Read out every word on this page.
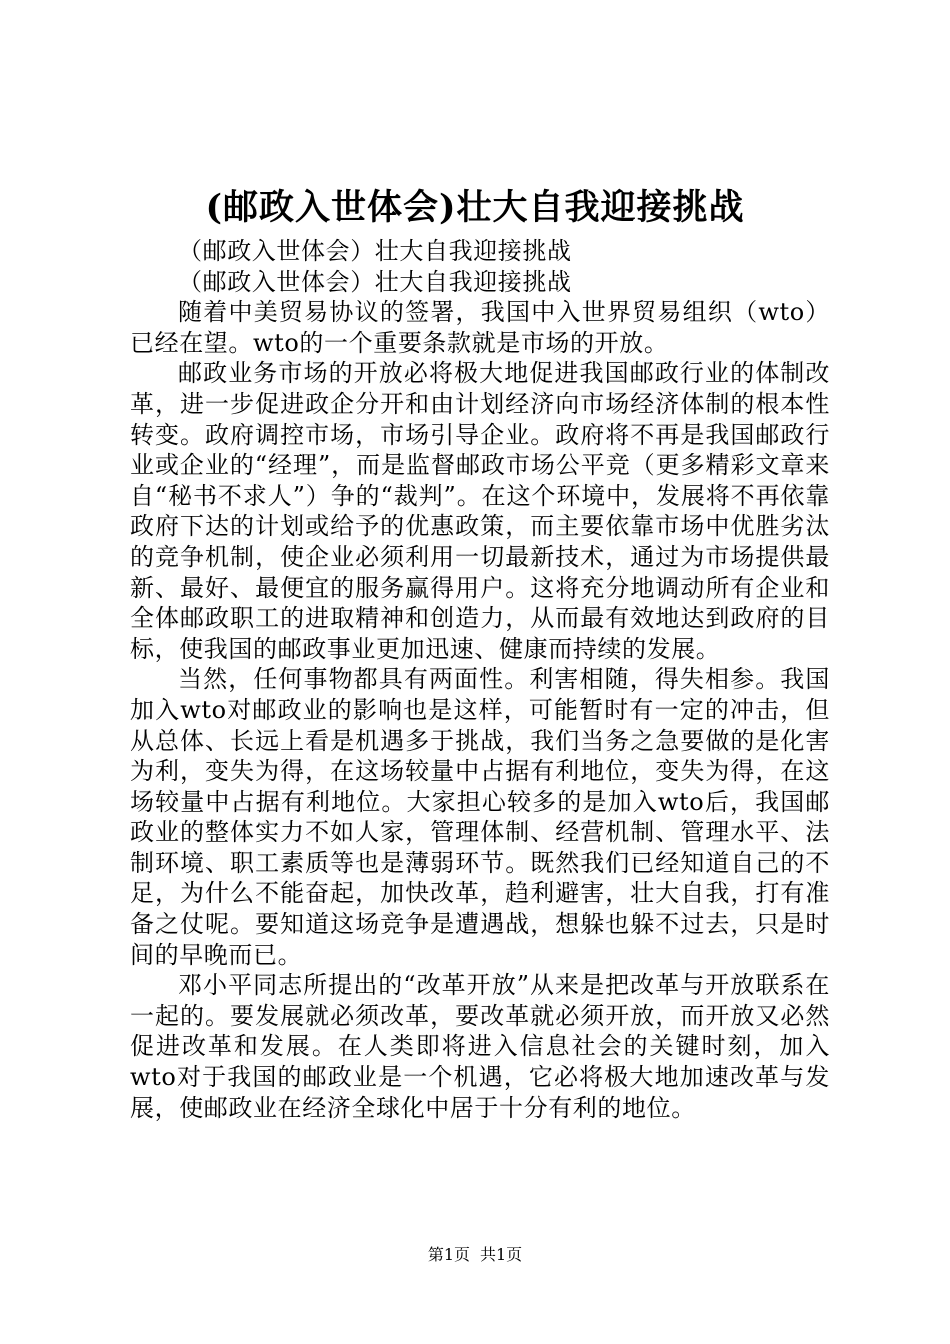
(邮政入世体会)壮大自我迎接挑战

（邮政入世体会）壮大自我迎接挑战

（邮政入世体会）壮大自我迎接挑战

随着中美贸易协议的签署，我国中入世界贸易组织（wto）已经在望。wto的一个重要条款就是市场的开放。

邮政业务市场的开放必将极大地促进我国邮政行业的体制改革，进一步促进政企分开和由计划经济向市场经济体制的根本性转变。政府调控市场，市场引导企业。政府将不再是我国邮政行业或企业的“经理”，而是监督邮政市场公平竞（更多精彩文章来自“秘书不求人”）争的“裁判”。在这个环境中，发展将不再依靠政府下达的计划或给予的优惠政策，而主要依靠市场中优胜劣汰的竞争机制，使企业必须利用一切最新技术，通过为市场提供最新、最好、最便宜的服务赢得用户。这将充分地调动所有企业和全体邮政职工的进取精神和创造力，从而最有效地达到政府的目标，使我国的邮政事业更加迅速、健康而持续的发展。

当然，任何事物都具有两面性。利害相随，得失相参。我国加入wto对邮政业的影响也是这样，可能暂时有一定的冲击，但从总体、长远上看是机遇多于挑战，我们当务之急要做的是化害为利，变失为得，在这场较量中占据有利地位，变失为得，在这场较量中占据有利地位。大家担心较多的是加入wto后，我国邮政业的整体实力不如人家，管理体制、经营机制、管理水平、法制环境、职工素质等也是薄弱环节。既然我们已经知道自己的不足，为什么不能奋起，加快改革，趋利避害，壮大自我，打有准备之仗呢。要知道这场竞争是遭遇战，想躲也躲不过去，只是时间的早晚而已。

邓小平同志所提出的“改革开放”从来是把改革与开放联系在一起的。要发展就必须改革，要改革就必须开放，而开放又必然促进改革和发展。在人类即将进入信息社会的关键时刻，加入wto对于我国的邮政业是一个机遇，它必将极大地加速改革与发展，使邮政业在经济全球化中居于十分有利的地位。

第1页 共1页
